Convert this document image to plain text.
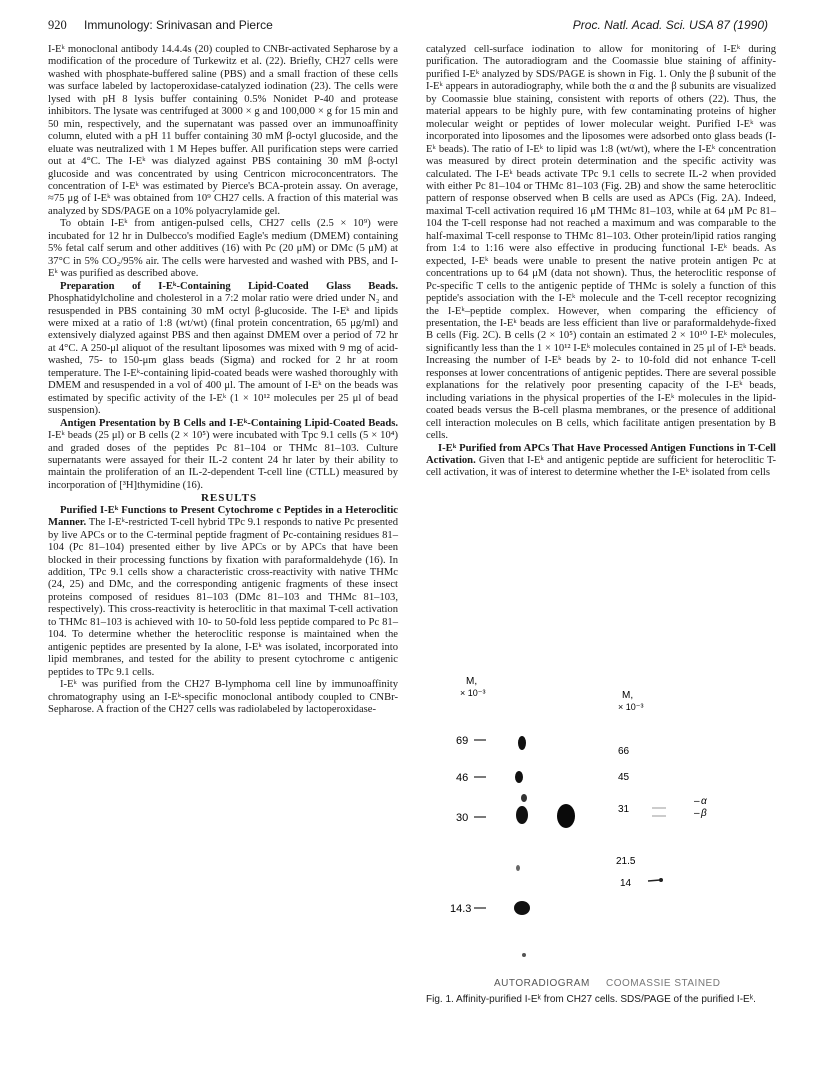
920 Immunology: Srinivasan and Pierce	Proc. Natl. Acad. Sci. USA 87 (1990)

I-Eᵏ monoclonal antibody 14.4.4s (20) coupled to CNBr-activated Sepharose by a modification of the procedure of Turkewitz et al. (22). Briefly, CH27 cells were washed with phosphate-buffered saline (PBS) and a small fraction of these cells was surface labeled by lactoperoxidase-catalyzed iodination (23). The cells were lysed with pH 8 lysis buffer containing 0.5% Nonidet P-40 and protease inhibitors. The lysate was centrifuged at 3000 × g and 100,000 × g for 15 min and 50 min, respectively, and the supernatant was passed over an immunoaffinity column, eluted with a pH 11 buffer containing 30 mM β-octyl glucoside, and the eluate was neutralized with 1 M Hepes buffer. All purification steps were carried out at 4°C. The I-Eᵏ was dialyzed against PBS containing 30 mM β-octyl glucoside and was concentrated by using Centricon microconcentrators. The concentration of I-Eᵏ was estimated by Pierce's BCA-protein assay. On average, ≈75 μg of I-Eᵏ was obtained from 10⁹ CH27 cells. A fraction of this material was analyzed by SDS/PAGE on a 10% polyacrylamide gel.

To obtain I-Eᵏ from antigen-pulsed cells, CH27 cells (2.5 × 10⁹) were incubated for 12 hr in Dulbecco's modified Eagle's medium (DMEM) containing 5% fetal calf serum and other additives (16) with Pc (20 μM) or DMc (5 μM) at 37°C in 5% CO₂/95% air. The cells were harvested and washed with PBS, and I-Eᵏ was purified as described above.

Preparation of I-Eᵏ-Containing Lipid-Coated Glass Beads. Phosphatidylcholine and cholesterol in a 7:2 molar ratio were dried under N₂ and resuspended in PBS containing 30 mM octyl β-glucoside. The I-Eᵏ and lipids were mixed at a ratio of 1:8 (wt/wt) (final protein concentration, 65 μg/ml) and extensively dialyzed against PBS and then against DMEM over a period of 72 hr at 4°C. A 250-μl aliquot of the resultant liposomes was mixed with 9 mg of acid-washed, 75- to 150-μm glass beads (Sigma) and rocked for 2 hr at room temperature. The I-Eᵏ-containing lipid-coated beads were washed thoroughly with DMEM and resuspended in a vol of 400 μl. The amount of I-Eᵏ on the beads was estimated by specific activity of the I-Eᵏ (1 × 10¹² molecules per 25 μl of bead suspension).

Antigen Presentation by B Cells and I-Eᵏ-Containing Lipid-Coated Beads. I-Eᵏ beads (25 μl) or B cells (2 × 10⁵) were incubated with Tpc 9.1 cells (5 × 10⁴) and graded doses of the peptides Pc 81–104 or THMc 81–103. Culture supernatants were assayed for their IL-2 content 24 hr later by their ability to maintain the proliferation of an IL-2-dependent T-cell line (CTLL) measured by incorporation of [³H]thymidine (16).

RESULTS

Purified I-Eᵏ Functions to Present Cytochrome c Peptides in a Heteroclitic Manner. The I-Eᵏ-restricted T-cell hybrid TPc 9.1 responds to native Pc presented by live APCs or to the C-terminal peptide fragment of Pc-containing residues 81–104 (Pc 81–104) presented either by live APCs or by APCs that have been blocked in their processing functions by fixation with paraformaldehyde (16). In addition, TPc 9.1 cells show a characteristic cross-reactivity with native THMc (24, 25) and DMc, and the corresponding antigenic fragments of these insect proteins composed of residues 81–103 (DMc 81–103 and THMc 81–103, respectively). This cross-reactivity is heteroclitic in that maximal T-cell activation to THMc 81–103 is achieved with 10- to 50-fold less peptide compared to Pc 81–104. To determine whether the heteroclitic response is maintained when the antigenic peptides are presented by Ia alone, I-Eᵏ was isolated, incorporated into lipid membranes, and tested for the ability to present cytochrome c antigenic peptides to TPc 9.1 cells.

I-Eᵏ was purified from the CH27 B-lymphoma cell line by immunoaffinity chromatography using an I-Eᵏ-specific monoclonal antibody coupled to CNBr-Sepharose. A fraction of the CH27 cells was radiolabeled by lactoperoxidase-

catalyzed cell-surface iodination to allow for monitoring of I-Eᵏ during purification. The autoradiogram and the Coomassie blue staining of affinity-purified I-Eᵏ analyzed by SDS/PAGE is shown in Fig. 1. Only the β subunit of the I-Eᵏ appears in autoradiography, while both the α and the β subunits are visualized by Coomassie blue staining, consistent with reports of others (22). Thus, the material appears to be highly pure, with few contaminating proteins of higher molecular weight or peptides of lower molecular weight. Purified I-Eᵏ was incorporated into liposomes and the liposomes were adsorbed onto glass beads (I-Eᵏ beads). The ratio of I-Eᵏ to lipid was 1:8 (wt/wt), where the I-Eᵏ concentration was measured by direct protein determination and the specific activity was calculated. The I-Eᵏ beads activate TPc 9.1 cells to secrete IL-2 when provided with either Pc 81–104 or THMc 81–103 (Fig. 2B) and show the same heteroclitic pattern of response observed when B cells are used as APCs (Fig. 2A). Indeed, maximal T-cell activation required 16 μM THMc 81–103, while at 64 μM Pc 81–104 the T-cell response had not reached a maximum and was comparable to the half-maximal T-cell response to THMc 81–103. Other protein/lipid ratios ranging from 1:4 to 1:16 were also effective in producing functional I-Eᵏ beads. As expected, I-Eᵏ beads were unable to present the native protein antigen Pc at concentrations up to 64 μM (data not shown). Thus, the heteroclitic response of Pc-specific T cells to the antigenic peptide of THMc is solely a function of this peptide's association with the I-Eᵏ molecule and the T-cell receptor recognizing the I-Eᵏ–peptide complex. However, when comparing the efficiency of presentation, the I-Eᵏ beads are less efficient than live or paraformaldehyde-fixed B cells (Fig. 2C). B cells (2 × 10⁵) contain an estimated 2 × 10¹⁰ I-Eᵏ molecules, significantly less than the 1 × 10¹² I-Eᵏ molecules contained in 25 μl of I-Eᵏ beads. Increasing the number of I-Eᵏ beads by 2- to 10-fold did not enhance T-cell responses at lower concentrations of antigenic peptides. There are several possible explanations for the relatively poor presenting capacity of the I-Eᵏ beads, including variations in the physical properties of the I-Eᵏ molecules in the lipid-coated beads versus the B-cell plasma membranes, or the presence of additional cell interaction molecules on B cells, which facilitate antigen presentation by B cells.

I-Eᵏ Purified from APCs That Have Processed Antigen Functions in T-Cell Activation. Given that I-Eᵏ and antigenic peptide are sufficient for heteroclitic T-cell activation, it was of interest to determine whether the I-Eᵏ isolated from cells

M,
× 10⁻³
69
46
30
14.3
M,
× 10⁻³
66
45
31
21.5
14
– α
– β
AUTORADIOGRAM COOMASSIE STAINED
Fig. 1. Affinity-purified I-Eᵏ from CH27 cells. SDS/PAGE of the purified I-Eᵏ.
